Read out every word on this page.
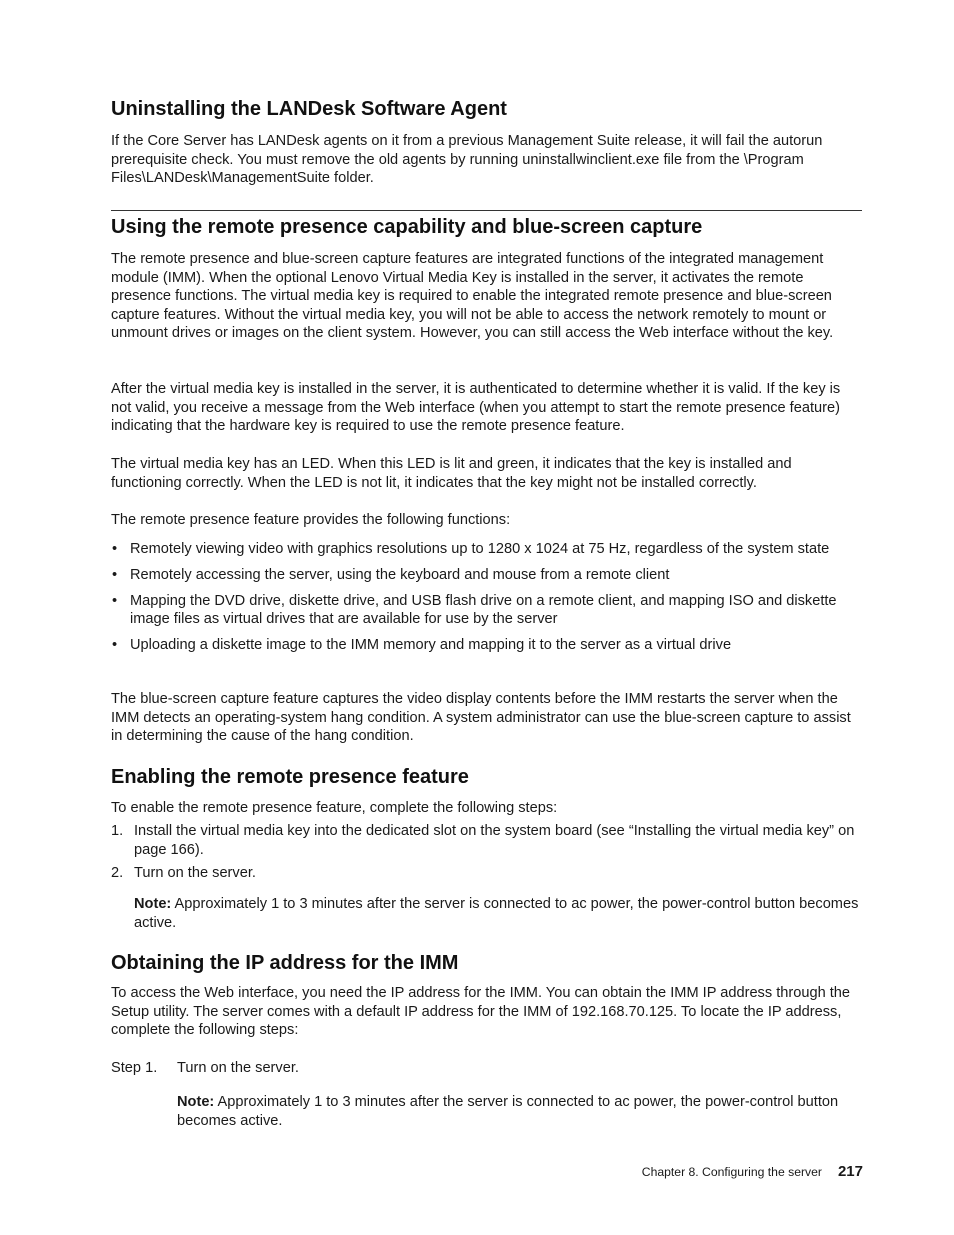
Uninstalling the LANDesk Software Agent

If the Core Server has LANDesk agents on it from a previous Management Suite release, it will fail the autorun prerequisite check. You must remove the old agents by running uninstallwinclient.exe file from the \Program Files\LANDesk\ManagementSuite folder.

Using the remote presence capability and blue-screen capture

The remote presence and blue-screen capture features are integrated functions of the integrated management module (IMM). When the optional Lenovo Virtual Media Key is installed in the server, it activates the remote presence functions. The virtual media key is required to enable the integrated remote presence and blue-screen capture features. Without the virtual media key, you will not be able to access the network remotely to mount or unmount drives or images on the client system. However, you can still access the Web interface without the key.

After the virtual media key is installed in the server, it is authenticated to determine whether it is valid. If the key is not valid, you receive a message from the Web interface (when you attempt to start the remote presence feature) indicating that the hardware key is required to use the remote presence feature.

The virtual media key has an LED. When this LED is lit and green, it indicates that the key is installed and functioning correctly. When the LED is not lit, it indicates that the key might not be installed correctly.

The remote presence feature provides the following functions:

• Remotely viewing video with graphics resolutions up to 1280 x 1024 at 75 Hz, regardless of the system state
• Remotely accessing the server, using the keyboard and mouse from a remote client
• Mapping the DVD drive, diskette drive, and USB flash drive on a remote client, and mapping ISO and diskette image files as virtual drives that are available for use by the server
• Uploading a diskette image to the IMM memory and mapping it to the server as a virtual drive

The blue-screen capture feature captures the video display contents before the IMM restarts the server when the IMM detects an operating-system hang condition. A system administrator can use the blue-screen capture to assist in determining the cause of the hang condition.

Enabling the remote presence feature

To enable the remote presence feature, complete the following steps:

1. Install the virtual media key into the dedicated slot on the system board (see “Installing the virtual media key” on page 166).
2. Turn on the server.

Note: Approximately 1 to 3 minutes after the server is connected to ac power, the power-control button becomes active.

Obtaining the IP address for the IMM

To access the Web interface, you need the IP address for the IMM. You can obtain the IMM IP address through the Setup utility. The server comes with a default IP address for the IMM of 192.168.70.125. To locate the IP address, complete the following steps:

Step 1. Turn on the server.

Note: Approximately 1 to 3 minutes after the server is connected to ac power, the power-control button becomes active.

Chapter 8. Configuring the server 217
